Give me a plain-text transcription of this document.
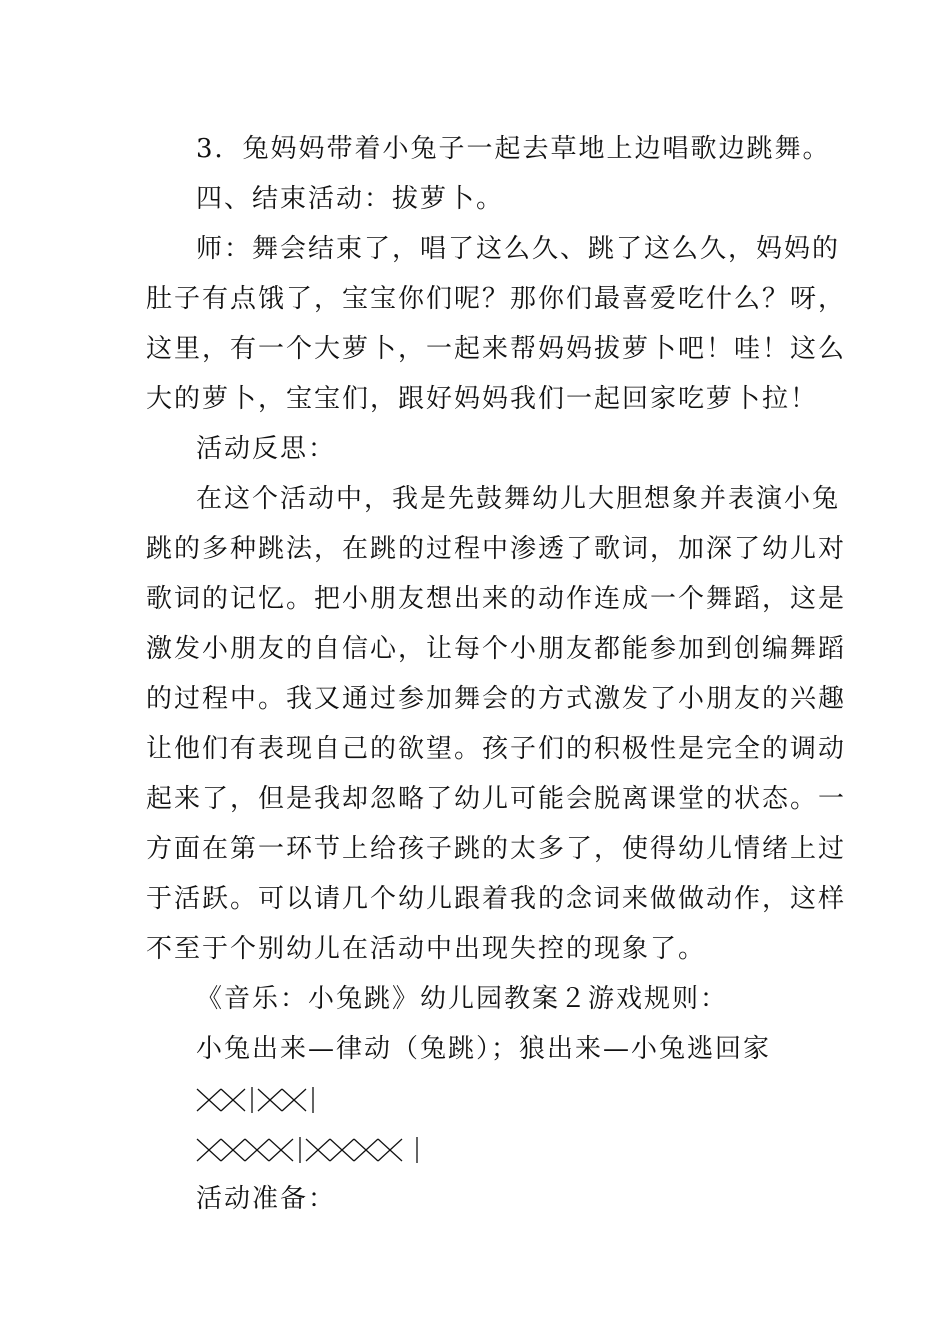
3．兔妈妈带着小兔子一起去草地上边唱歌边跳舞。
四、结束活动：拔萝卜。
师：舞会结束了，唱了这么久、跳了这么久，妈妈的
肚子有点饿了，宝宝你们呢？那你们最喜爱吃什么？呀，
这里，有一个大萝卜，一起来帮妈妈拔萝卜吧！哇！这么
大的萝卜，宝宝们，跟好妈妈我们一起回家吃萝卜拉！
活动反思：
在这个活动中，我是先鼓舞幼儿大胆想象并表演小兔
跳的多种跳法，在跳的过程中渗透了歌词，加深了幼儿对
歌词的记忆。把小朋友想出来的动作连成一个舞蹈，这是
激发小朋友的自信心，让每个小朋友都能参加到创编舞蹈
的过程中。我又通过参加舞会的方式激发了小朋友的兴趣
让他们有表现自己的欲望。孩子们的积极性是完全的调动
起来了，但是我却忽略了幼儿可能会脱离课堂的状态。一
方面在第一环节上给孩子跳的太多了，使得幼儿情绪上过
于活跃。可以请几个幼儿跟着我的念词来做做动作，这样
不至于个别幼儿在活动中出现失控的现象了。
《音乐：小兔跳》幼儿园教案２游戏规则：
小兔出来—律动（兔跳）；狼出来—小兔逃回家
活动准备：
